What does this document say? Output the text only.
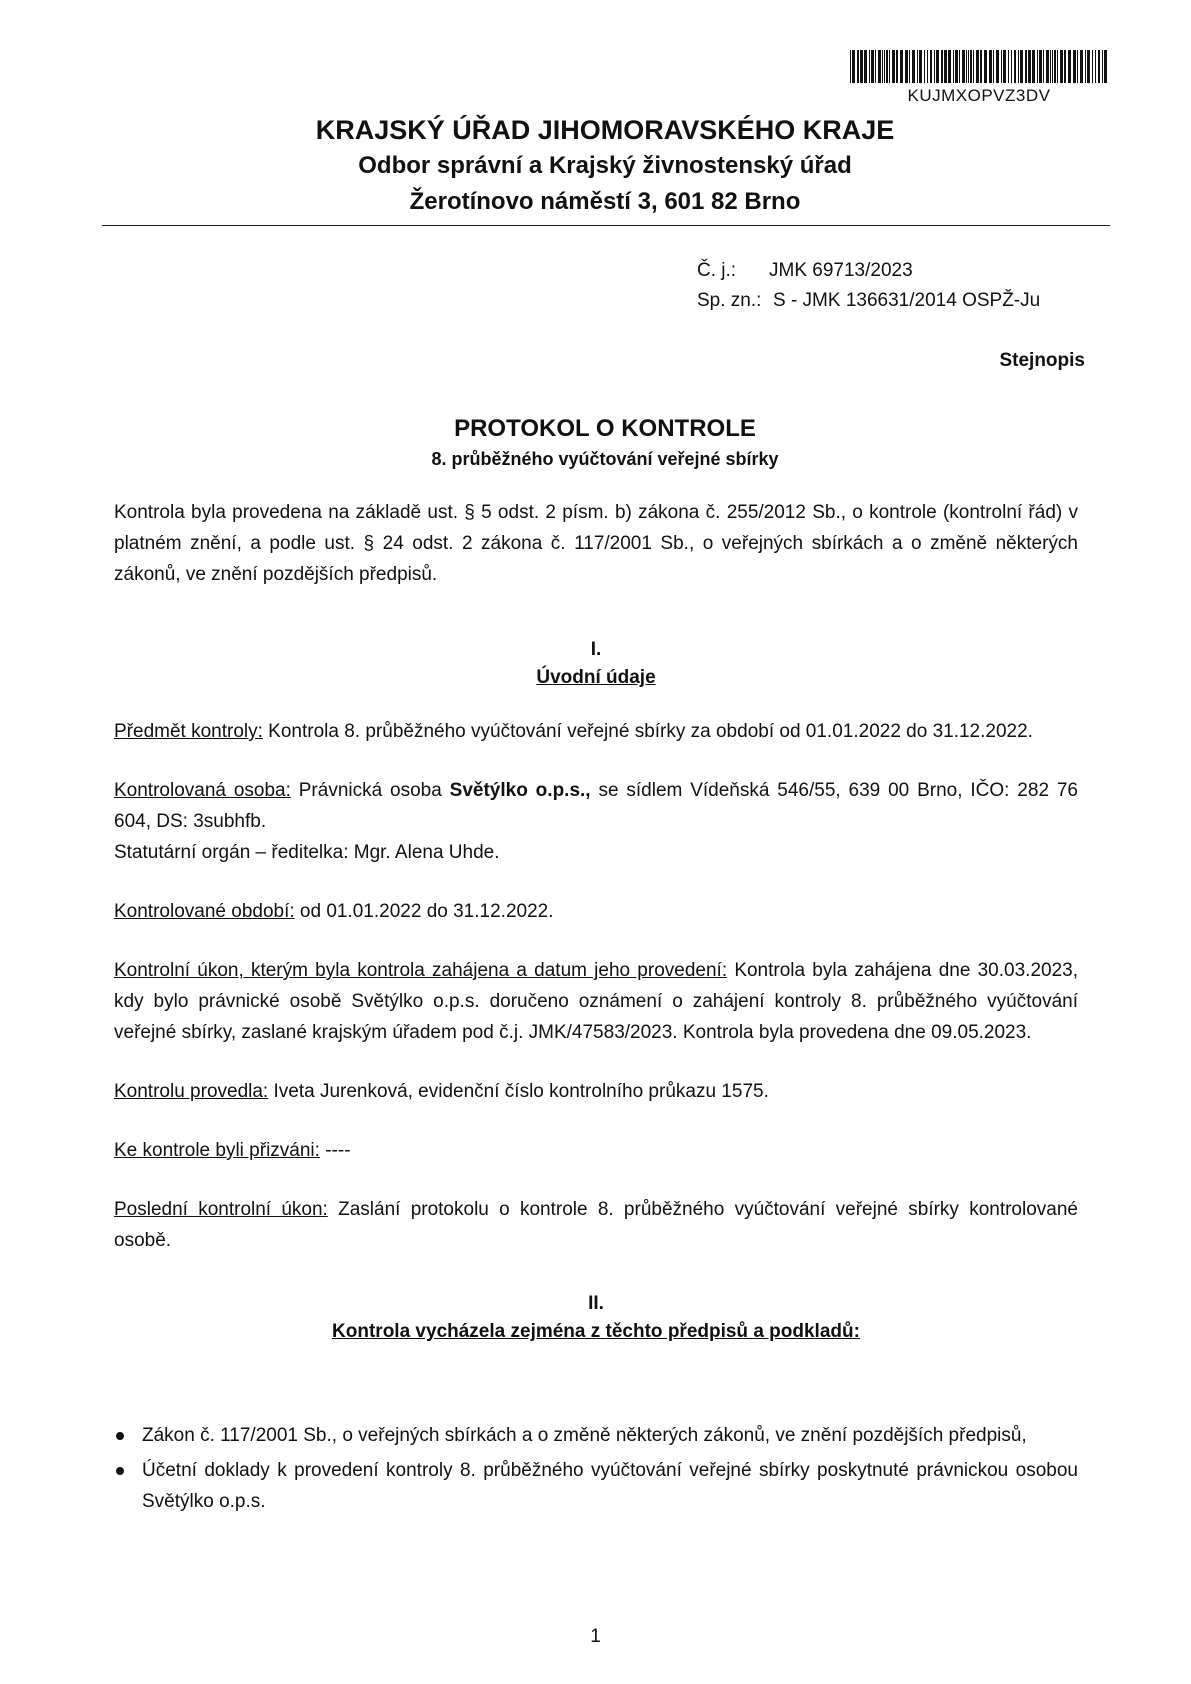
KUJMXOPVZ3DV
KRAJSKÝ ÚŘAD JIHOMORAVSKÉHO KRAJE
Odbor správní a Krajský živnostenský úřad
Žerotínovo náměstí 3, 601 82 Brno
Č. j.: JMK 69713/2023
Sp. zn.: S - JMK 136631/2014 OSPŽ-Ju
Stejnopis
PROTOKOL O KONTROLE
8. průběžného vyúčtování veřejné sbírky

Kontrola byla provedena na základě ust. § 5 odst. 2 písm. b) zákona č. 255/2012 Sb., o kontrole (kontrolní řád) v platném znění, a podle ust. § 24 odst. 2 zákona č. 117/2001 Sb., o veřejných sbírkách a o změně některých zákonů, ve znění pozdějších předpisů.

I.

Úvodní údaje

Předmět kontroly: Kontrola 8. průběžného vyúčtování veřejné sbírky za období od 01.01.2022 do 31.12.2022.

Kontrolovaná osoba: Právnická osoba Světýlko o.p.s., se sídlem Vídeňská 546/55, 639 00 Brno, IČO: 282 76 604, DS: 3subhfb.

Statutární orgán – ředitelka: Mgr. Alena Uhde.

Kontrolované období: od 01.01.2022 do 31.12.2022.

Kontrolní úkon, kterým byla kontrola zahájena a datum jeho provedení: Kontrola byla zahájena dne 30.03.2023, kdy bylo právnické osobě Světýlko o.p.s. doručeno oznámení o zahájení kontroly 8. průběžného vyúčtování veřejné sbírky, zaslané krajským úřadem pod č.j. JMK/47583/2023. Kontrola byla provedena dne 09.05.2023.

Kontrolu provedla: Iveta Jurenková, evidenční číslo kontrolního průkazu 1575.

Ke kontrole byli přizváni: ----

Poslední kontrolní úkon: Zaslání protokolu o kontrole 8. průběžného vyúčtování veřejné sbírky kontrolované osobě.

II.

Kontrola vycházela zejména z těchto předpisů a podkladů:

Zákon č. 117/2001 Sb., o veřejných sbírkách a o změně některých zákonů, ve znění pozdějších předpisů,
Účetní doklady k provedení kontroly 8. průběžného vyúčtování veřejné sbírky poskytnuté právnickou osobou Světýlko o.p.s.
1
